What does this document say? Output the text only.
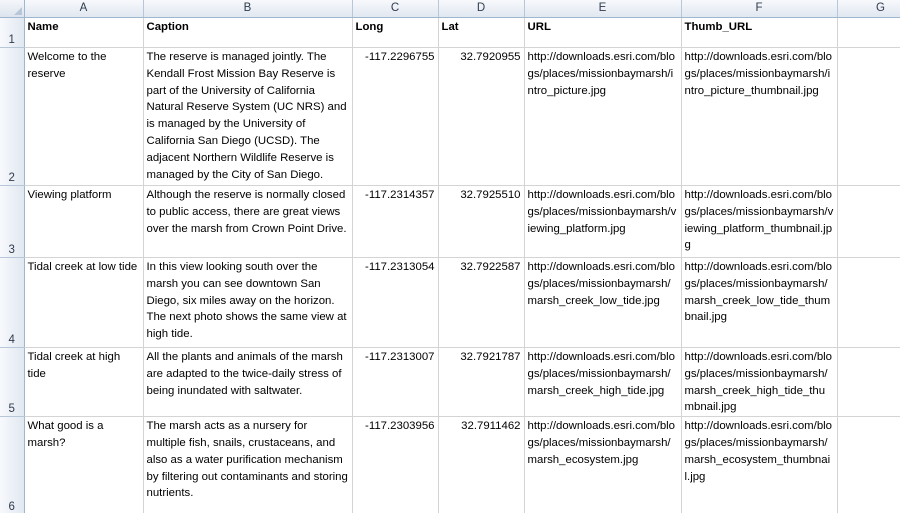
	A	B	C	D	E	F	G
1	Name	Caption	Long	Lat	URL	Thumb_URL	
2	Welcome to the reserve	The reserve is managed jointly. The Kendall Frost Mission Bay Reserve is part of the University of California Natural Reserve System (UC NRS) and is managed by the University of California San Diego (UCSD). The adjacent Northern Wildlife Reserve is managed by the City of San Diego.	-117.2296755	32.7920955	http://downloads.esri.com/blogs/places/missionbaymarsh/intro_picture.jpg	http://downloads.esri.com/blogs/places/missionbaymarsh/intro_picture_thumbnail.jpg	
3	Viewing platform	Although the reserve is normally closed to public access, there are great views over the marsh from Crown Point Drive.	-117.2314357	32.7925510	http://downloads.esri.com/blogs/places/missionbaymarsh/viewing_platform.jpg	http://downloads.esri.com/blogs/places/missionbaymarsh/viewing_platform_thumbnail.jpg	
4	Tidal creek at low tide	In this view looking south over the marsh you can see downtown San Diego, six miles away on the horizon. The next photo shows the same view at high tide.	-117.2313054	32.7922587	http://downloads.esri.com/blogs/places/missionbaymarsh/marsh_creek_low_tide.jpg	http://downloads.esri.com/blogs/places/missionbaymarsh/marsh_creek_low_tide_thumbnail.jpg	
5	Tidal creek at high tide	All the plants and animals of the marsh are adapted to the twice-daily stress of being inundated with saltwater.	-117.2313007	32.7921787	http://downloads.esri.com/blogs/places/missionbaymarsh/marsh_creek_high_tide.jpg	http://downloads.esri.com/blogs/places/missionbaymarsh/marsh_creek_high_tide_thumbnail.jpg	
6	What good is a marsh?	The marsh acts as a nursery for multiple fish, snails, crustaceans, and also as a water purification mechanism by filtering out contaminants and storing nutrients.	-117.2303956	32.7911462	http://downloads.esri.com/blogs/places/missionbaymarsh/marsh_ecosystem.jpg	http://downloads.esri.com/blogs/places/missionbaymarsh/marsh_ecosystem_thumbnail.jpg	
